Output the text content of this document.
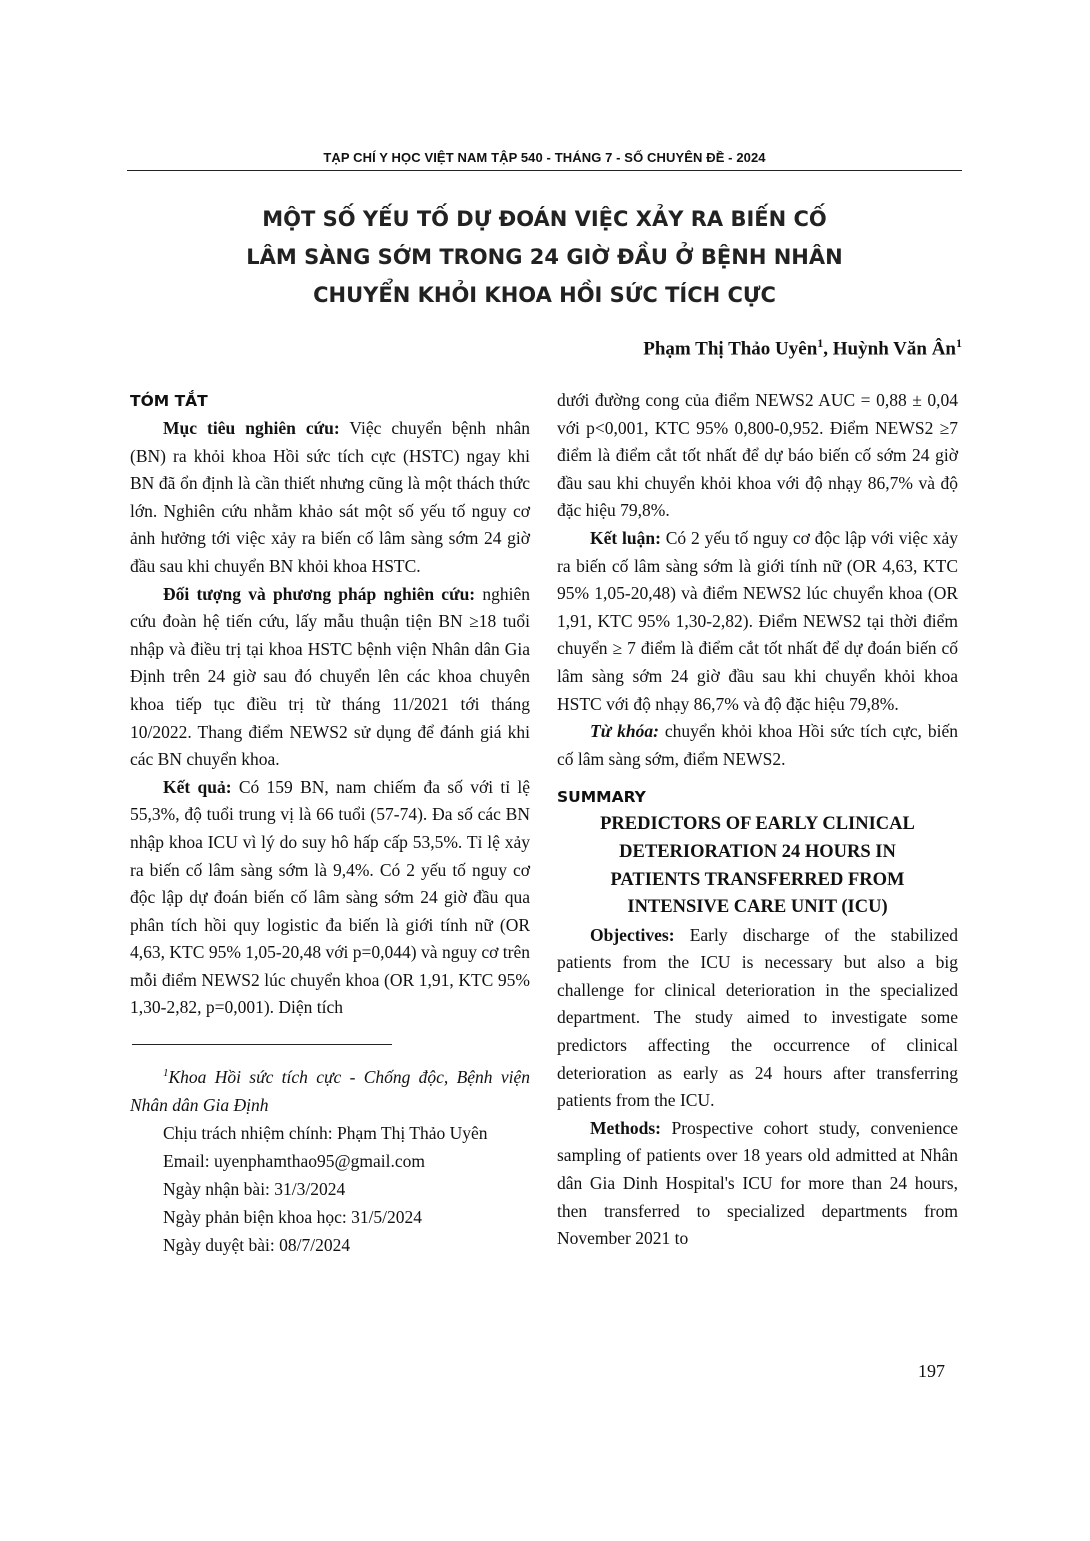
TẠP CHÍ Y HỌC VIỆT NAM TẬP 540 - THÁNG 7 - SỐ CHUYÊN ĐỀ - 2024
MỘT SỐ YẾU TỐ DỰ ĐOÁN VIỆC XẢY RA BIẾN CỐ
LÂM SÀNG SỚM TRONG 24 GIỜ ĐẦU Ở BỆNH NHÂN
CHUYỂN KHỎI KHOA HỒI SỨC TÍCH CỰC
Phạm Thị Thảo Uyên$^1$, Huỳnh Văn $Ân^1$
TÓM TẮT

Mục tiêu nghiên cứu: Việc chuyển bệnh nhân (BN) ra khỏi khoa Hồi sức tích cực (HSTC) ngay khi BN đã ổn định là cần thiết nhưng cũng là một thách thức lớn. Nghiên cứu nhằm khảo sát một số yếu tố nguy cơ ảnh hưởng tới việc xảy ra biến cố lâm sàng sớm 24 giờ đầu sau khi chuyển BN khỏi khoa HSTC.

Đối tượng và phương pháp nghiên cứu: nghiên cứu đoàn hệ tiến cứu, lấy mẫu thuận tiện BN ≥18 tuổi nhập và điều trị tại khoa HSTC bệnh viện Nhân dân Gia Định trên 24 giờ sau đó chuyển lên các khoa chuyên khoa tiếp tục điều trị từ tháng 11/2021 tới tháng 10/2022. Thang điểm NEWS2 sử dụng để đánh giá khi các BN chuyển khoa.

Kết quả: Có 159 BN, nam chiếm đa số với tỉ lệ 55,3%, độ tuổi trung vị là 66 tuổi (57-74). Đa số các BN nhập khoa ICU vì lý do suy hô hấp cấp 53,5%. Tỉ lệ xảy ra biến cố lâm sàng sớm là 9,4%. Có 2 yếu tố nguy cơ độc lập dự đoán biến cố lâm sàng sớm 24 giờ đầu qua phân tích hồi quy logistic đa biến là giới tính nữ (OR 4,63, KTC 95% 1,05-20,48 với p=0,044) và nguy cơ trên mỗi điểm NEWS2 lúc chuyển khoa (OR 1,91, KTC 95% 1,30-2,82, p=0,001). Diện tích

$^1$Khoa Hồi sức tích cực - Chống độc, Bệnh viện Nhân dân Gia Định

Chịu trách nhiệm chính: Phạm Thị Thảo Uyên

Email: uyenphamthao95@gmail.com

Ngày nhận bài: 31/3/2024

Ngày phản biện khoa học: 31/5/2024

Ngày duyệt bài: 08/7/2024

dưới đường cong của điểm NEWS2 AUC = 0,88 ± 0,04 với p<0,001, KTC 95% 0,800-0,952. Điểm NEWS2 ≥7 điểm là điểm cắt tốt nhất để dự báo biến cố sớm 24 giờ đầu sau khi chuyển khỏi khoa với độ nhạy 86,7% và độ đặc hiệu 79,8%.

Kết luận: Có 2 yếu tố nguy cơ độc lập với việc xảy ra biến cố lâm sàng sớm là giới tính nữ (OR 4,63, KTC 95% 1,05-20,48) và điểm NEWS2 lúc chuyển khoa (OR 1,91, KTC 95% 1,30-2,82). Điểm NEWS2 tại thời điểm chuyển ≥ 7 điểm là điểm cắt tốt nhất để dự đoán biến cố lâm sàng sớm 24 giờ đầu sau khi chuyển khỏi khoa HSTC với độ nhạy 86,7% và độ đặc hiệu 79,8%.

Từ khóa: chuyển khỏi khoa Hồi sức tích cực, biến cố lâm sàng sớm, điểm NEWS2.

SUMMARY
PREDICTORS OF EARLY CLINICAL
DETERIORATION 24 HOURS IN
PATIENTS TRANSFERRED FROM
INTENSIVE CARE UNIT (ICU)

Objectives: Early discharge of the stabilized patients from the ICU is necessary but also a big challenge for clinical deterioration in the specialized department. The study aimed to investigate some predictors affecting the occurrence of clinical deterioration as early as 24 hours after transferring patients from the ICU.

Methods: Prospective cohort study, convenience sampling of patients over 18 years old admitted at Nhân dân Gia Dinh Hospital's ICU for more than 24 hours, then transferred to specialized departments from November 2021 to

197
